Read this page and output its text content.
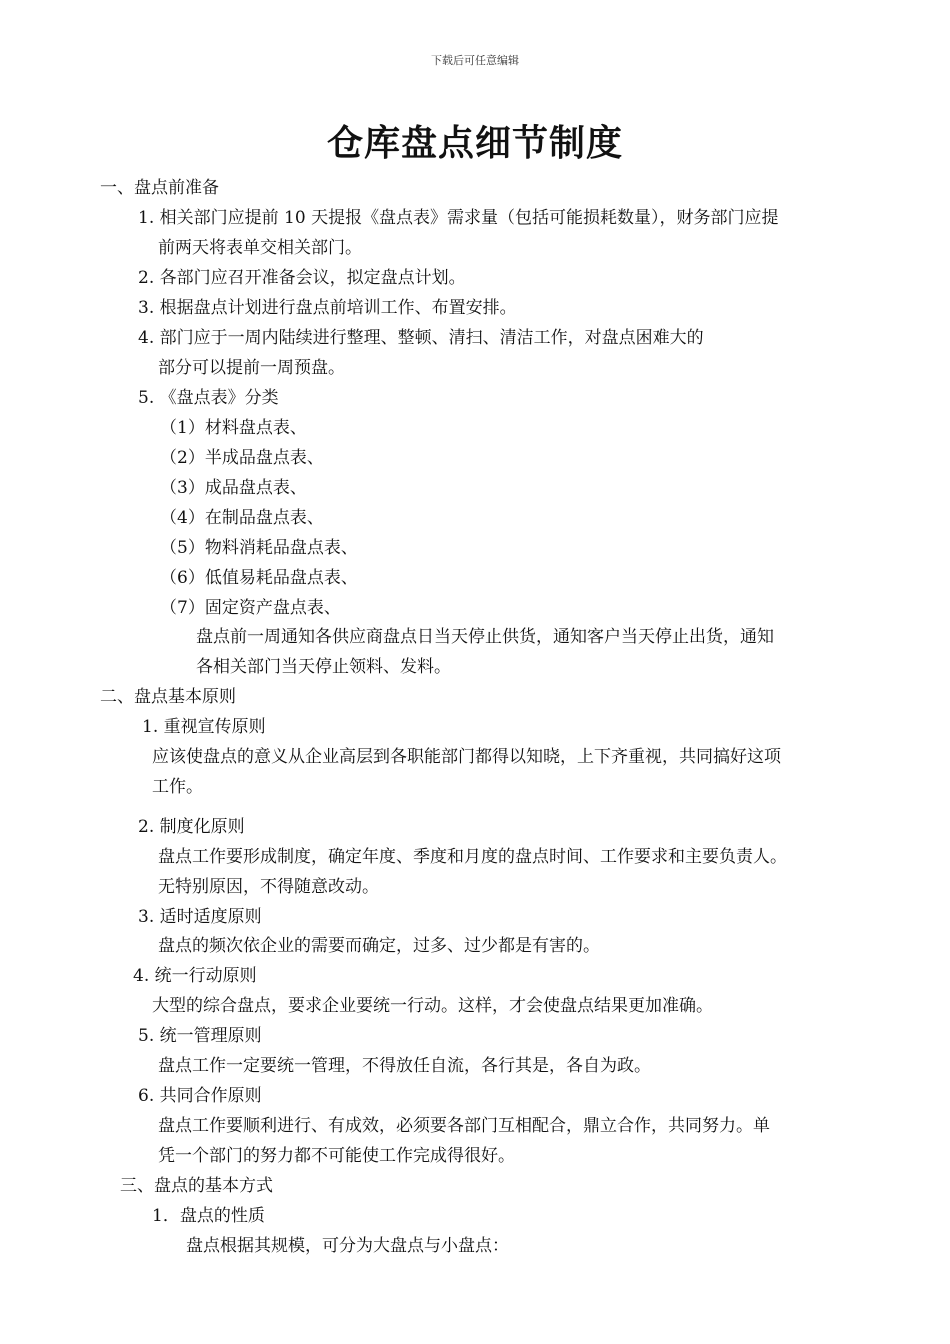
下载后可任意编辑
仓库盘点细节制度
一、盘点前准备
1. 相关部门应提前 10 天提报《盘点表》需求量（包括可能损耗数量），财务部门应提
前两天将表单交相关部门。
2. 各部门应召开准备会议，拟定盘点计划。
3. 根据盘点计划进行盘点前培训工作、布置安排。
4. 部门应于一周内陆续进行整理、整顿、清扫、清洁工作，对盘点困难大的
部分可以提前一周预盘。
5. 《盘点表》分类
（1）材料盘点表、
（2）半成品盘点表、
（3）成品盘点表、
（4）在制品盘点表、
（5）物料消耗品盘点表、
（6）低值易耗品盘点表、
（7）固定资产盘点表、
盘点前一周通知各供应商盘点日当天停止供货，通知客户当天停止出货，通知
各相关部门当天停止领料、发料。
二、盘点基本原则
1. 重视宣传原则
应该使盘点的意义从企业高层到各职能部门都得以知晓，上下齐重视，共同搞好这项
工作。
2. 制度化原则
盘点工作要形成制度，确定年度、季度和月度的盘点时间、工作要求和主要负责人。
无特别原因，不得随意改动。
3. 适时适度原则
盘点的频次依企业的需要而确定，过多、过少都是有害的。
4. 统一行动原则
大型的综合盘点，要求企业要统一行动。这样，才会使盘点结果更加准确。
5. 统一管理原则
盘点工作一定要统一管理，不得放任自流，各行其是，各自为政。
6. 共同合作原则
盘点工作要顺利进行、有成效，必须要各部门互相配合，鼎立合作，共同努力。单
凭一个部门的努力都不可能使工作完成得很好。
三、盘点的基本方式
1．盘点的性质
盘点根据其规模，可分为大盘点与小盘点：
